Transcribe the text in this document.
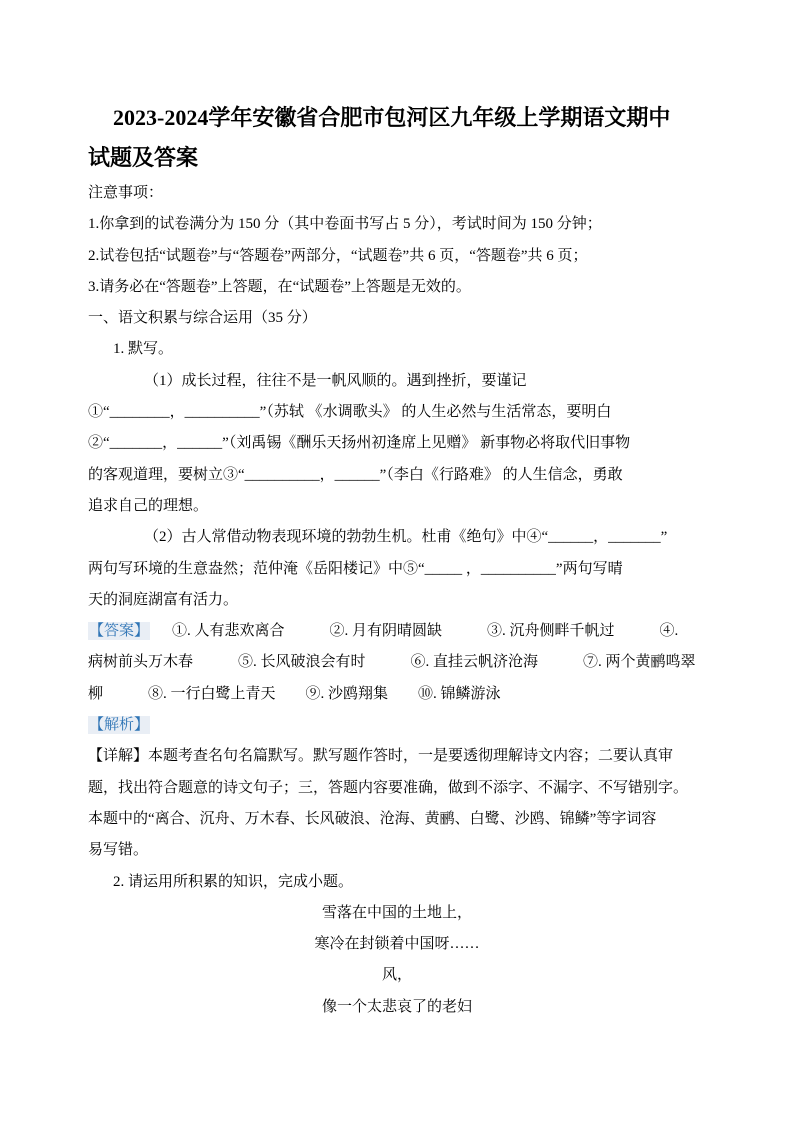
2023-2024学年安徽省合肥市包河区九年级上学期语文期中
试题及答案

注意事项：

1.你拿到的试卷满分为 150 分（其中卷面书写占 5 分），考试时间为 150 分钟；

2.试卷包括“试题卷”与“答题卷”两部分，“试题卷”共 6 页，“答题卷”共 6 页；

3.请务必在“答题卷”上答题，在“试题卷”上答题是无效的。

一、语文积累与综合运用（35 分）

1. 默写。

（1）成长过程，往往不是一帆风顺的。遇到挫折，要谨记

①“________，__________”（苏轼 《水调歌头》 的人生必然与生活常态，要明白

②“_______，______”（刘禹锡《酬乐天扬州初逢席上见赠》 新事物必将取代旧事物

的客观道理，要树立③“__________，______”（李白《行路难》 的人生信念，勇敢

追求自己的理想。

（2）古人常借动物表现环境的勃勃生机。杜甫《绝句》中④“______，_______”

两句写环境的生意盎然；范仲淹《岳阳楼记》中⑤“_____ ，__________”两句写晴

天的洞庭湖富有活力。

【答案】 ①. 人有悲欢离合　　　②. 月有阴晴圆缺　　　③. 沉舟侧畔千帆过　　　④.

病树前头万木春　　　⑤. 长风破浪会有时　　　⑥. 直挂云帆济沧海　　　⑦. 两个黄鹂鸣翠

柳　　　⑧. 一行白鹭上青天　　⑨. 沙鸥翔集　　⑩. 锦鳞游泳

【解析】

【详解】本题考查名句名篇默写。默写题作答时，一是要透彻理解诗文内容；二要认真审

题，找出符合题意的诗文句子；三，答题内容要准确，做到不添字、不漏字、不写错别字。

本题中的“离合、沉舟、万木春、长风破浪、沧海、黄鹂、白鹭、沙鸥、锦鳞”等字词容

易写错。

2. 请运用所积累的知识，完成小题。

雪落在中国的土地上，

寒冷在封锁着中国呀……

风，

像一个太悲哀了的老妇
